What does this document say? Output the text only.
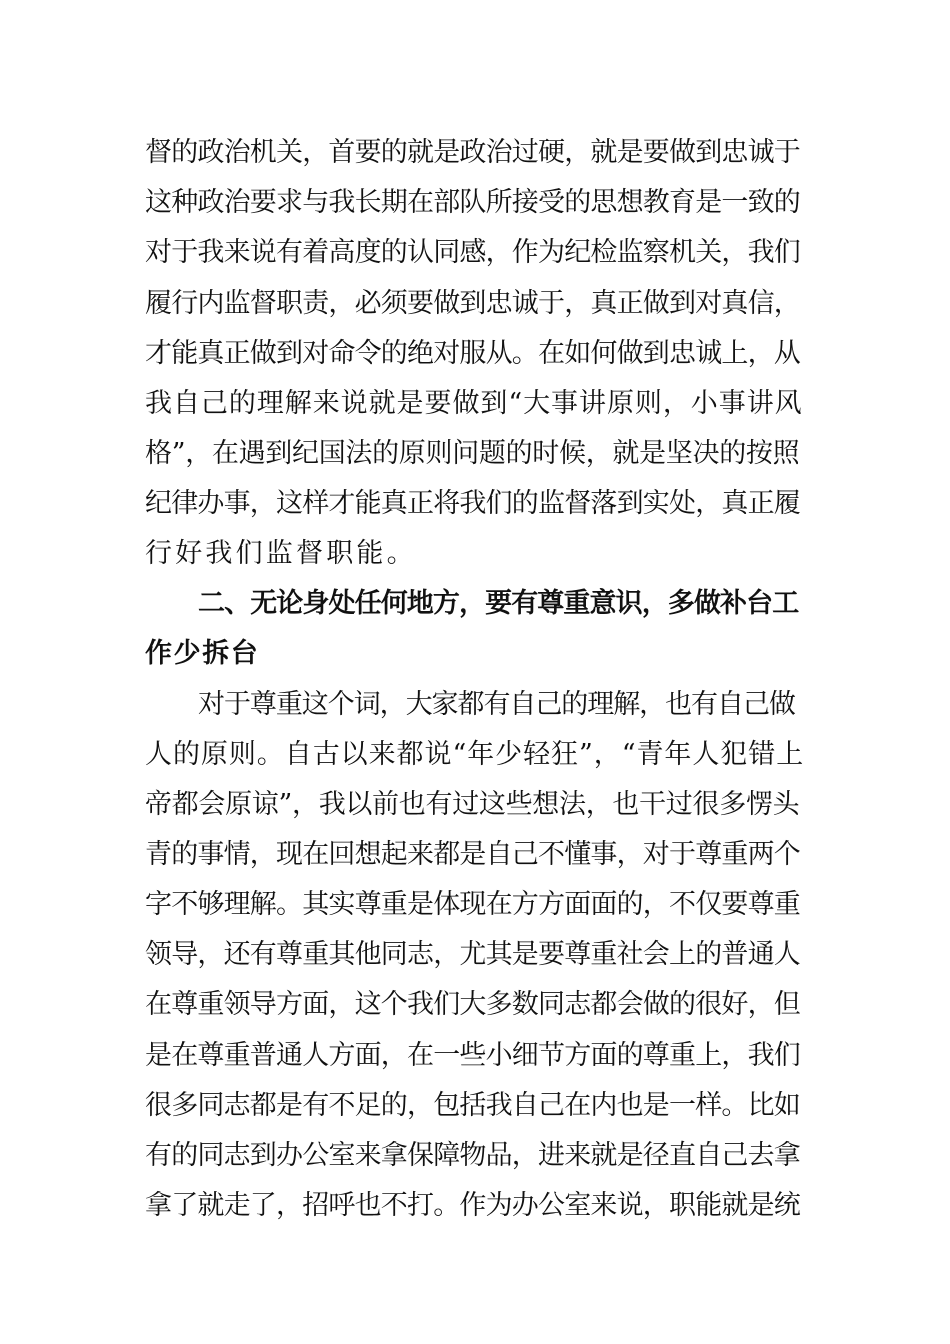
督的政治机关，首要的就是政治过硬，就是要做到忠诚于
这种政治要求与我长期在部队所接受的思想教育是一致的
对于我来说有着高度的认同感，作为纪检监察机关，我们
履行内监督职责，必须要做到忠诚于，真正做到对真信，
才能真正做到对命令的绝对服从。在如何做到忠诚上，从
我自己的理解来说就是要做到“大事讲原则，小事讲风
格”，在遇到纪国法的原则问题的时候，就是坚决的按照
纪律办事，这样才能真正将我们的监督落到实处，真正履
行好我们监督职能。
二、无论身处任何地方，要有尊重意识，多做补台工
作少拆台
对于尊重这个词，大家都有自己的理解，也有自己做
人的原则。自古以来都说“年少轻狂”，“青年人犯错上
帝都会原谅”，我以前也有过这些想法，也干过很多愣头
青的事情，现在回想起来都是自己不懂事，对于尊重两个
字不够理解。其实尊重是体现在方方面面的，不仅要尊重
领导，还有尊重其他同志，尤其是要尊重社会上的普通人
在尊重领导方面，这个我们大多数同志都会做的很好，但
是在尊重普通人方面，在一些小细节方面的尊重上，我们
很多同志都是有不足的，包括我自己在内也是一样。比如
有的同志到办公室来拿保障物品，进来就是径直自己去拿
拿了就走了，招呼也不打。作为办公室来说，职能就是统
